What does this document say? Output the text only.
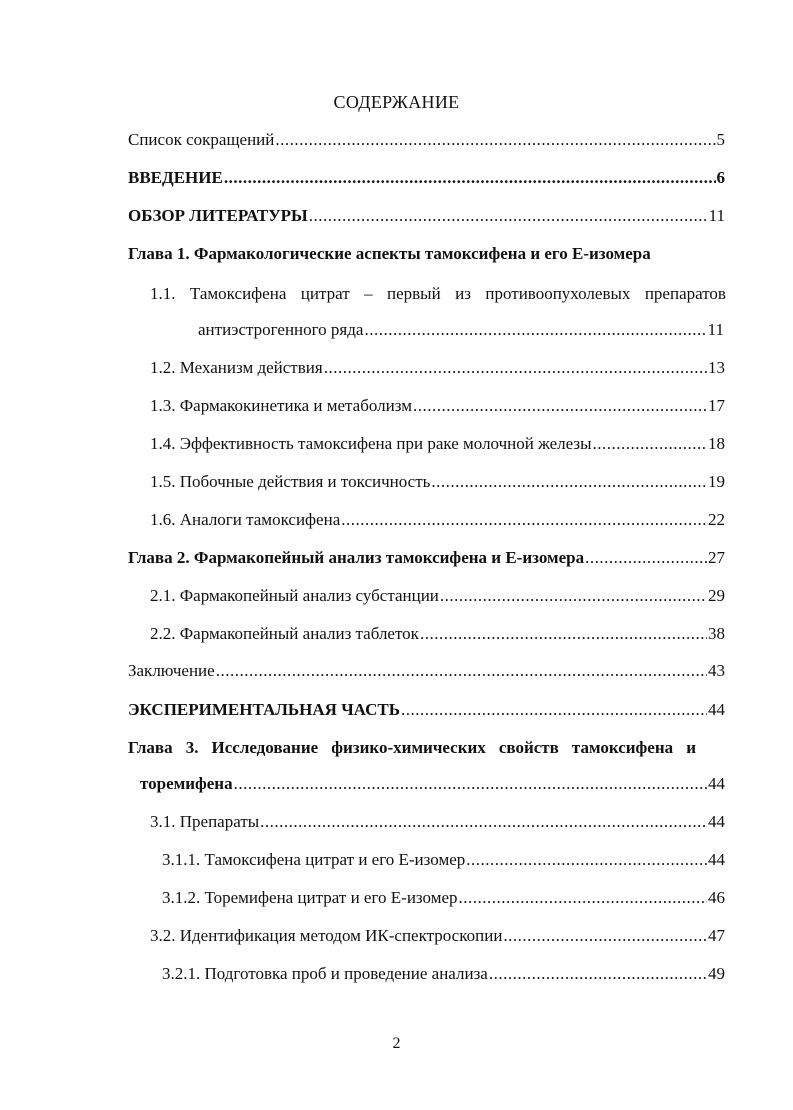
СОДЕРЖАНИЕ
Список сокращений .....	5
ВВЕДЕНИЕ .....	6
ОБЗОР ЛИТЕРАТУРЫ .....	11
Глава 1. Фармакологические аспекты тамоксифена и его Е-изомера
1.1. Тамоксифена цитрат – первый из противоопухолевых препаратов
антиэстрогенного ряда .....	11
1.2. Механизм действия .....	13
1.3. Фармакокинетика и метаболизм .....	17
1.4. Эффективность тамоксифена при раке молочной железы .....	18
1.5. Побочные действия и токсичность .....	19
1.6. Аналоги тамоксифена .....	22
Глава 2. Фармакопейный анализ тамоксифена и Е-изомера .....	27
2.1. Фармакопейный анализ субстанции .....	29
2.2. Фармакопейный анализ таблеток .....	38
Заключение .....	43
ЭКСПЕРИМЕНТАЛЬНАЯ ЧАСТЬ .....	44
Глава 3. Исследование физико-химических свойств тамоксифена и
торемифена .....	44
3.1. Препараты .....	44
3.1.1. Тамоксифена цитрат и его Е-изомер .....	44
3.1.2. Торемифена цитрат и его Е-изомер .....	46
3.2. Идентификация методом ИК-спектроскопии .....	47
3.2.1. Подготовка проб и проведение анализа .....	49
2
